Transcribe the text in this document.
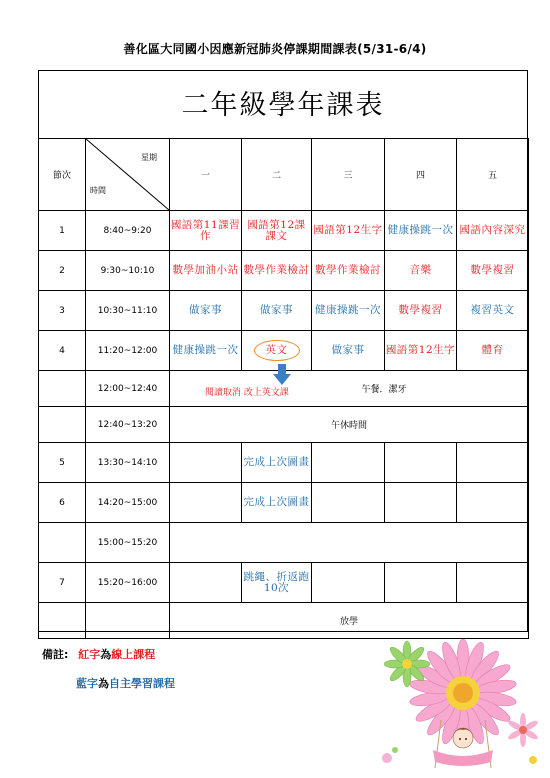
善化區大同國小因應新冠肺炎停課期間課表(5/31-6/4)
二年級學年課表
節次	星期
時間	一	二	三	四	五
1	8:40~9:20	國語第11課習作	國語第12課課文	國語第12生字	健康操跳一次	國語內容深究
2	9:30~10:10	數學加油小站	數學作業檢討	數學作業檢討	音樂	數學複習
3	10:30~11:10	做家事	做家事	健康操跳一次	數學複習	複習英文
4	11:20~12:00	健康操跳一次	英文	做家事	國語第12生字	體育
	12:00~12:40	午餐．潔牙				
	12:40~13:20	午休時間				
5	13:30~14:10		完成上次圖畫			
6	14:20~15:00		完成上次圖畫			
	15:00~15:20					
7	15:20~16:00		跳繩、折返跑10次			
		放學				
閱讀取消 改上英文課
備註: 紅字為線上課程
藍字為自主學習課程
